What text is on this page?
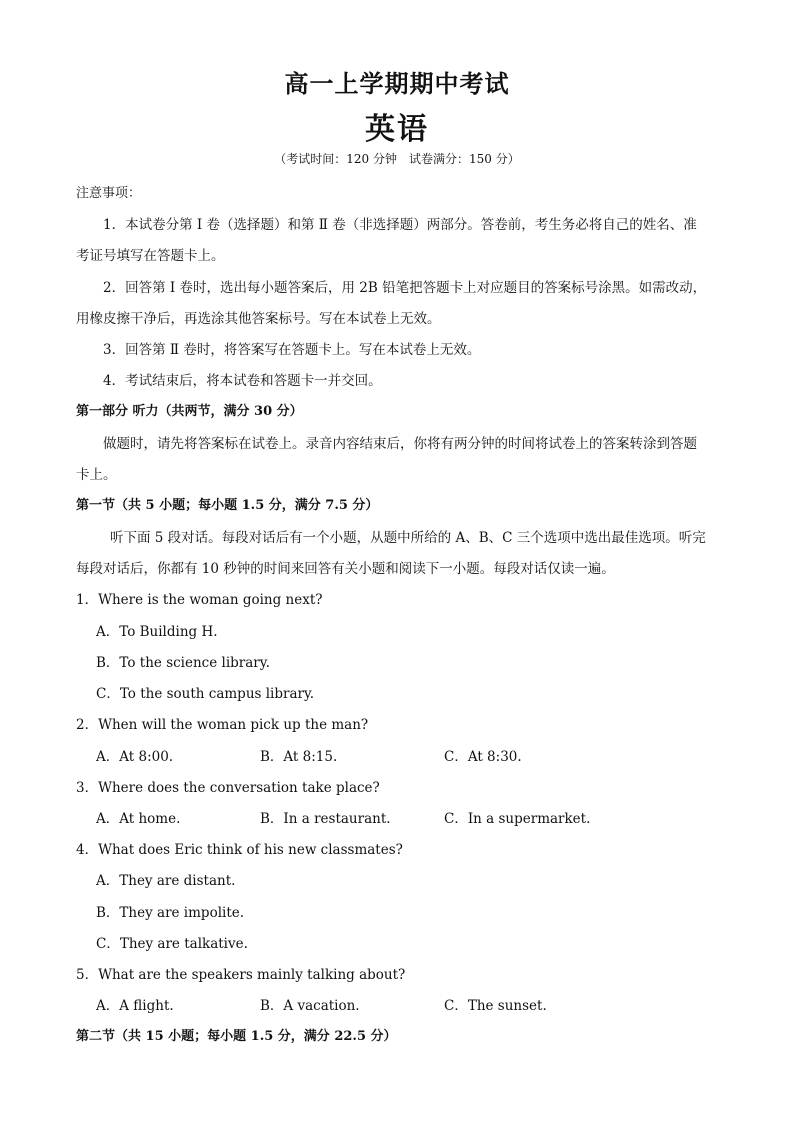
高一上学期期中考试
英语
（考试时间：120 分钟　试卷满分：150 分）

注意事项：

1．本试卷分第 Ⅰ 卷（选择题）和第 Ⅱ 卷（非选择题）两部分。答卷前，考生务必将自己的姓名、准

考证号填写在答题卡上。

2．回答第 Ⅰ 卷时，选出每小题答案后，用 2B 铅笔把答题卡上对应题目的答案标号涂黑。如需改动，

用橡皮擦干净后，再选涂其他答案标号。写在本试卷上无效。

3．回答第 Ⅱ 卷时，将答案写在答题卡上。写在本试卷上无效。

4．考试结束后，将本试卷和答题卡一并交回。

第一部分 听力（共两节，满分 30 分）

做题时，请先将答案标在试卷上。录音内容结束后，你将有两分钟的时间将试卷上的答案转涂到答题

卡上。

第一节（共 5 小题；每小题 1.5 分，满分 7.5 分）

听下面 5 段对话。每段对话后有一个小题，从题中所给的 A、B、C 三个选项中选出最佳选项。听完

每段对话后，你都有 10 秒钟的时间来回答有关小题和阅读下一小题。每段对话仅读一遍。

1．Where is the woman going next?

A．To Building H.
B．To the science library.
C．To the south campus library.

2．When will the woman pick up the man?

A．At 8:00.	B．At 8:15.	C．At 8:30.

3．Where does the conversation take place?

A．At home.	B．In a restaurant.	C．In a supermarket.

4．What does Eric think of his new classmates?

A．They are distant.
B．They are impolite.
C．They are talkative.

5．What are the speakers mainly talking about?

A．A flight.	B．A vacation.	C．The sunset.

第二节（共 15 小题；每小题 1.5 分，满分 22.5 分）
